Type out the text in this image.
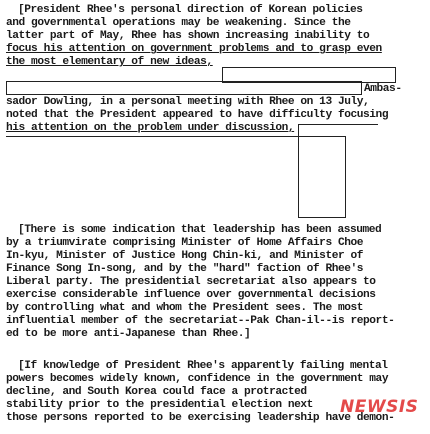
[President Rhee's personal direction of Korean policies
and governmental operations may be weakening. Since the
latter part of May, Rhee has shown increasing inability to
focus his attention on government problems and to grasp even
the most elementary of new ideas,
Ambas-
sador Dowling, in a personal meeting with Rhee on 13 July,
noted that the President appeared to have difficulty focusing
his attention on the problem under discussion,
[There is some indication that leadership has been assumed
by a triumvirate comprising Minister of Home Affairs Choe
In-kyu, Minister of Justice Hong Chin-ki, and Minister of
Finance Song In-song, and by the "hard" faction of Rhee's
Liberal party. The presidential secretariat also appears to
exercise considerable influence over governmental decisions
by controlling what and whom the President sees. The most
influential member of the secretariat--Pak Chan-il--is report-
ed to be more anti-Japanese than Rhee.]
[If knowledge of President Rhee's apparently failing mental
powers becomes widely known, confidence in the government may
decline, and South Korea could face a protracted
stability prior to the presidential election next
those persons reported to be exercising leadership have demon-
NEWSIS
